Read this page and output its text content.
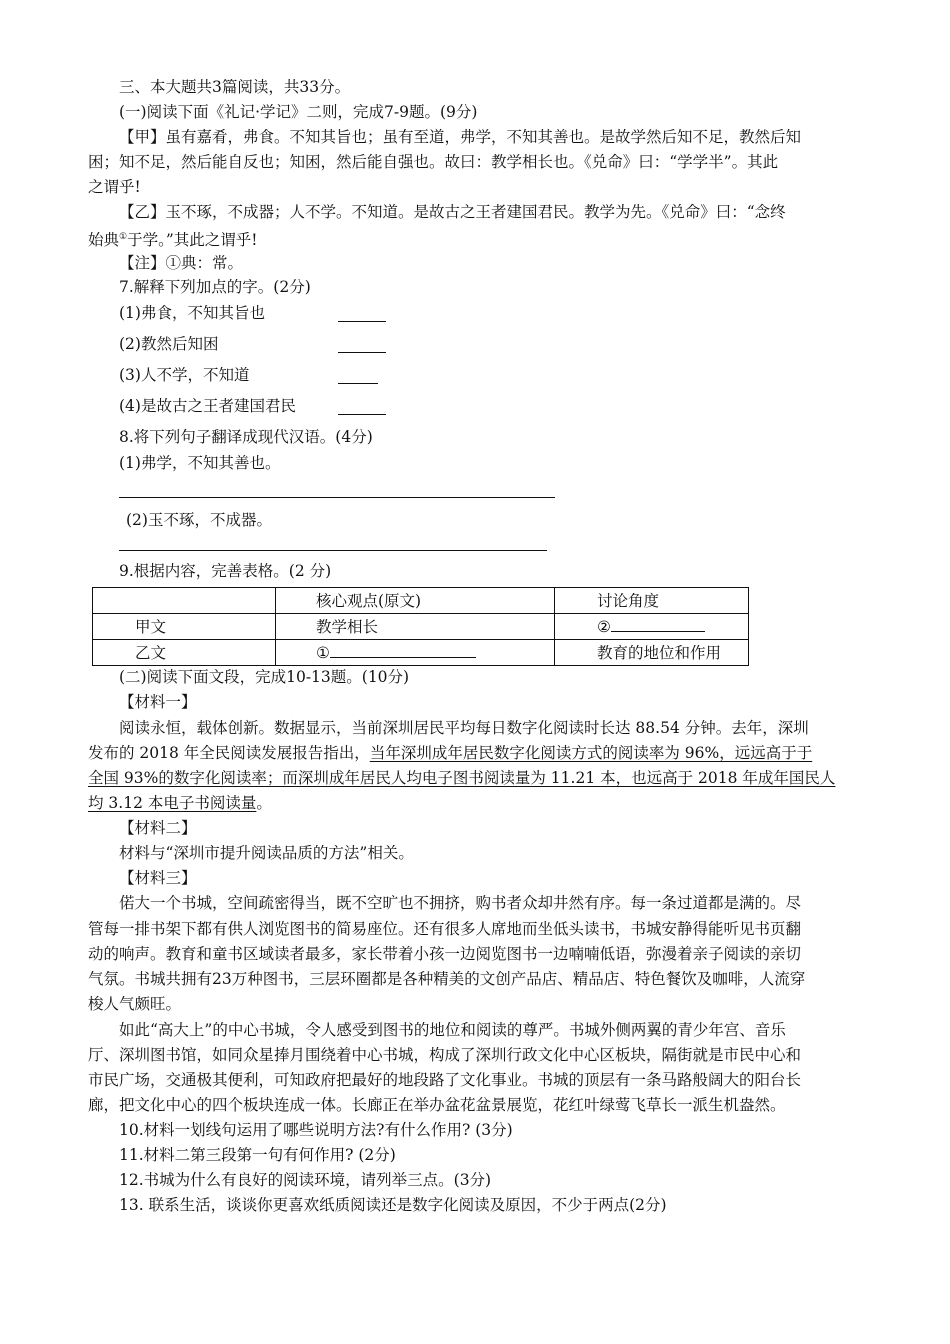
三、本大题共3篇阅读，共33分。
(一)阅读下面《礼记·学记》二则，完成7-9题。(9分)
【甲】虽有嘉肴，弗食。不知其旨也；虽有至道，弗学，不知其善也。是故学然后知不足，教然后知
困；知不足，然后能自反也；知困，然后能自强也。故曰：教学相长也。《兑命》曰：“学学半”。其此
之谓乎!
【乙】玉不琢，不成器；人不学。不知道。是故古之王者建国君民。教学为先。《兑命》曰：“念终
始典①于学。”其此之谓乎!
【注】①典：常。
7.解释下列加点的字。(2分)
(1)弗食，不知其旨也
(2)教然后知困
(3)人不学，不知道
(4)是故古之王者建国君民
8.将下列句子翻译成现代汉语。(4分)
(1)弗学，不知其善也。
(2)玉不琢，不成器。
9.根据内容，完善表格。(2 分)
	核心观点(原文)	讨论角度
甲文	教学相长	②
乙文	①	教育的地位和作用
(二)阅读下面文段，完成10-13题。(10分)
【材料一】
阅读永恒，载体创新。数据显示，当前深圳居民平均每日数字化阅读时长达 88.54 分钟。去年，深圳
发布的 2018 年全民阅读发展报告指出，当年深圳成年居民数字化阅读方式的阅读率为 96%，远远高于于
全国 93%的数字化阅读率；而深圳成年居民人均电子图书阅读量为 11.21 本，也远高于 2018 年成年国民人
均 3.12 本电子书阅读量。
【材料二】
材料与“深圳市提升阅读品质的方法”相关。
【材料三】
偌大一个书城，空间疏密得当，既不空旷也不拥挤，购书者众却井然有序。每一条过道都是满的。尽
管每一排书架下都有供人浏览图书的简易座位。还有很多人席地而坐低头读书，书城安静得能听见书页翻
动的响声。教育和童书区域读者最多，家长带着小孩一边阅览图书一边喃喃低语，弥漫着亲子阅读的亲切
气氛。书城共拥有23万种图书，三层环圈都是各种精美的文创产品店、精品店、特色餐饮及咖啡，人流穿
梭人气颇旺。
如此“高大上”的中心书城，令人感受到图书的地位和阅读的尊严。书城外侧两翼的青少年宫、音乐
厅、深圳图书馆，如同众星捧月围绕着中心书城，构成了深圳行政文化中心区板块，隔街就是市民中心和
市民广场，交通极其便利，可知政府把最好的地段路了文化事业。书城的顶层有一条马路般阔大的阳台长
廊，把文化中心的四个板块连成一体。长廊正在举办盆花盆景展览，花红叶绿莺飞草长一派生机盎然。
10.材料一划线句运用了哪些说明方法?有什么作用? (3分)
11.材料二第三段第一句有何作用? (2分)
12.书城为什么有良好的阅读环境，请列举三点。(3分)
13. 联系生活，谈谈你更喜欢纸质阅读还是数字化阅读及原因，不少于两点(2分)
